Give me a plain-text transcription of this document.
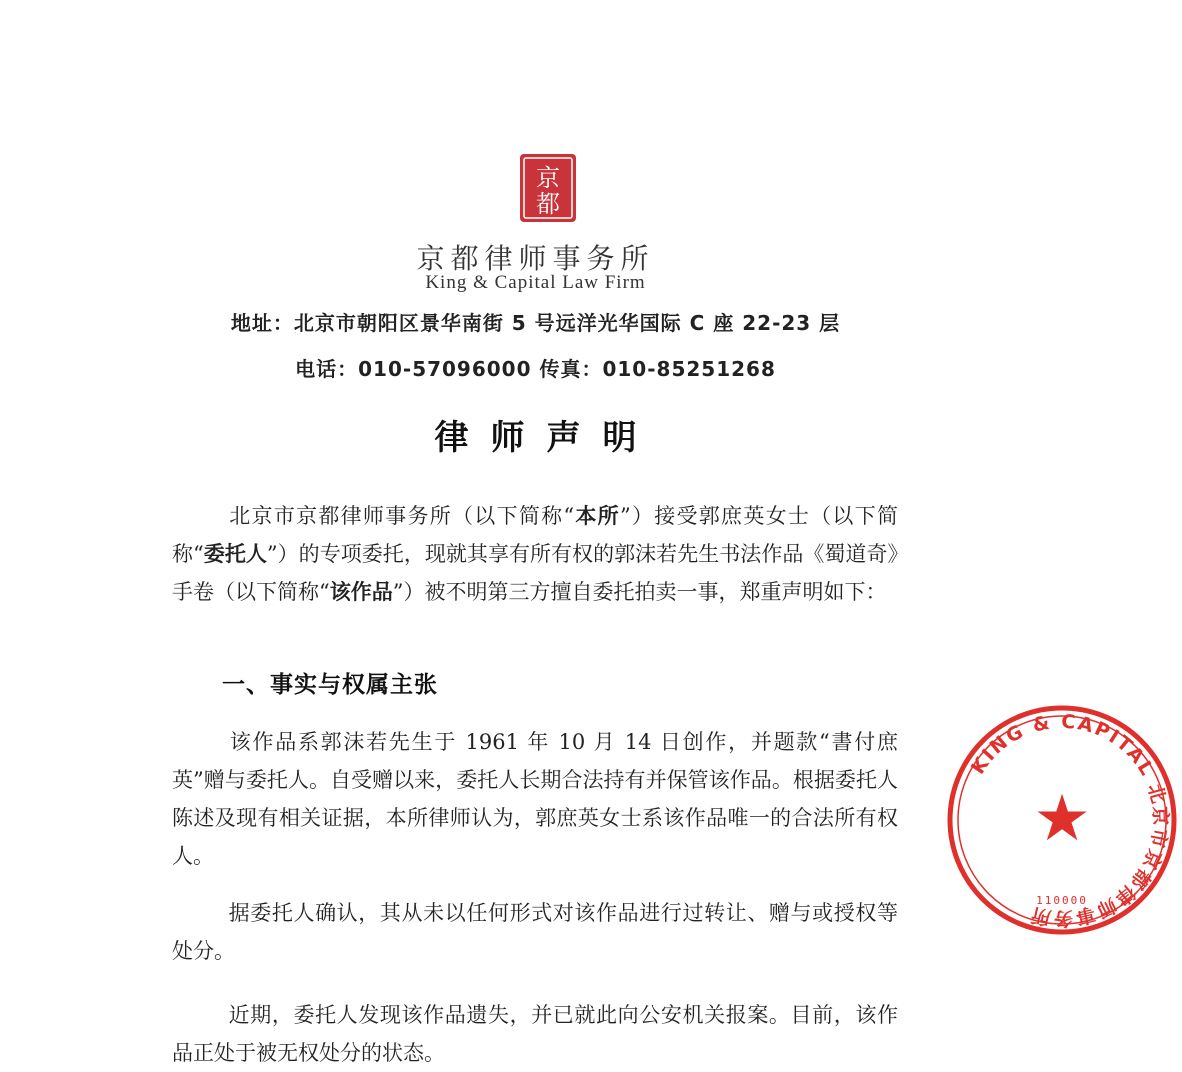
京
都
京都律师事务所
King & Capital Law Firm
地址：北京市朝阳区景华南街 5 号远洋光华国际 C 座 22-23 层
电话：010-57096000 传真：010-85251268
律师声明
北京市京都律师事务所（以下简称“本所”）接受郭庶英女士（以下简称“委托人”）的专项委托，现就其享有所有权的郭沫若先生书法作品《蜀道奇》手卷（以下简称“该作品”）被不明第三方擅自委托拍卖一事，郑重声明如下：
一、事实与权属主张
该作品系郭沫若先生于 1961 年 10 月 14 日创作，并题款“書付庶英”赠与委托人。自受赠以来，委托人长期合法持有并保管该作品。根据委托人陈述及现有相关证据，本所律师认为，郭庶英女士系该作品唯一的合法所有权人。
据委托人确认，其从未以任何形式对该作品进行过转让、赠与或授权等处分。
近期，委托人发现该作品遗失，并已就此向公安机关报案。目前，该作品正处于被无权处分的状态。
KING & CAPITAL 北京市京都律师事务所
★
110000
